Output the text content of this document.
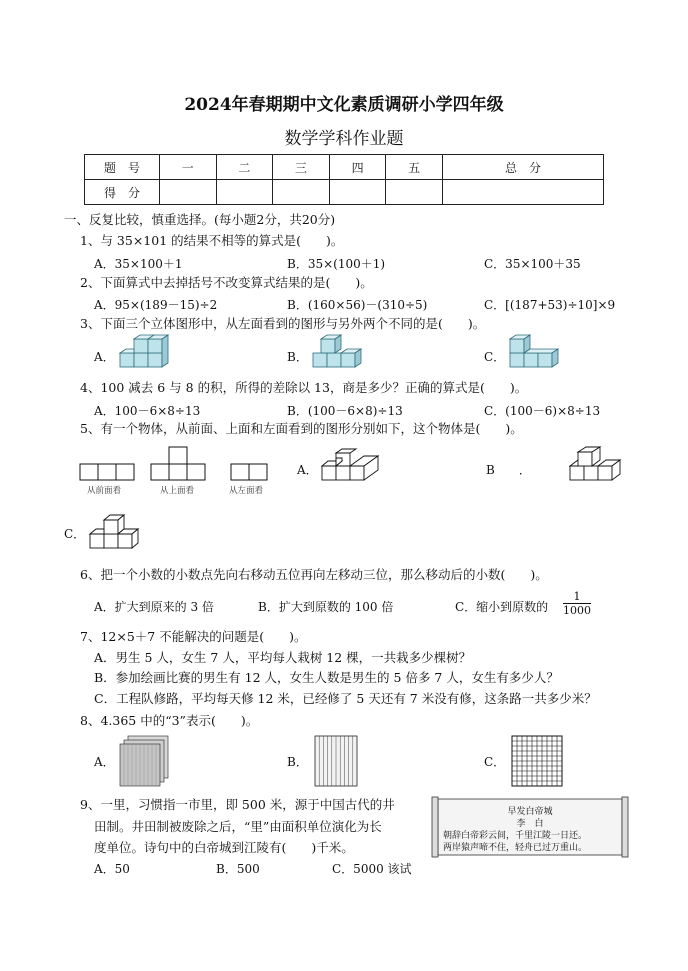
2024年春期期中文化素质调研小学四年级
数学学科作业题
题　号	一	二	三	四	五	总　分
得　分						
一、反复比较，慎重选择。(每小题2分，共20分)
1、与 35×101 的结果不相等的算式是(　　)。
A．35×100＋1	B．35×(100＋1)	C．35×100＋35
2、下面算式中去掉括号不改变算式结果的是(　　)。
A．95×(189－15)÷2	B．(160×56)－(310÷5)	C．[(187+53)÷10]×9
3、下面三个立体图形中，从左面看到的图形与另外两个不同的是(　　)。
A．	B．	C．
4、100 减去 6 与 8 的积，所得的差除以 13，商是多少？正确的算式是(　　)。
A．100－6×8÷13	B．(100－6×8)÷13	C．(100－6)×8÷13
5、有一个物体，从前面、上面和左面看到的图形分别如下，这个物体是(　　)。
从前面看	从上面看	从左面看
A．	B　　．
C．
6、把一个小数的小数点先向右移动五位再向左移动三位，那么移动后的小数(　　)。
A．扩大到原来的 3 倍	B．扩大到原数的 100 倍	C．缩小到原数的 $\frac{1}{1000}$
7、12×5＋7 不能解决的问题是(　　)。
A．男生 5 人，女生 7 人，平均每人栽树 12 棵，一共栽多少棵树？
B．参加绘画比赛的男生有 12 人，女生人数是男生的 5 倍多 7 人，女生有多少人？
C．工程队修路，平均每天修 12 米，已经修了 5 天还有 7 米没有修，这条路一共多少米？
8、4.365 中的“3”表示(　　)。
A．	B．	C．
9、一里，习惯指一市里，即 500 米，源于中国古代的井
田制。井田制被废除之后，“里”由面积单位演化为长
度单位。诗句中的白帝城到江陵有(　　)千米。
A．50	B．500	C．5000 该试
早发白帝城
李　白
朝辞白帝彩云间，千里江陵一日还。
两岸猿声啼不住，轻舟已过万重山。
